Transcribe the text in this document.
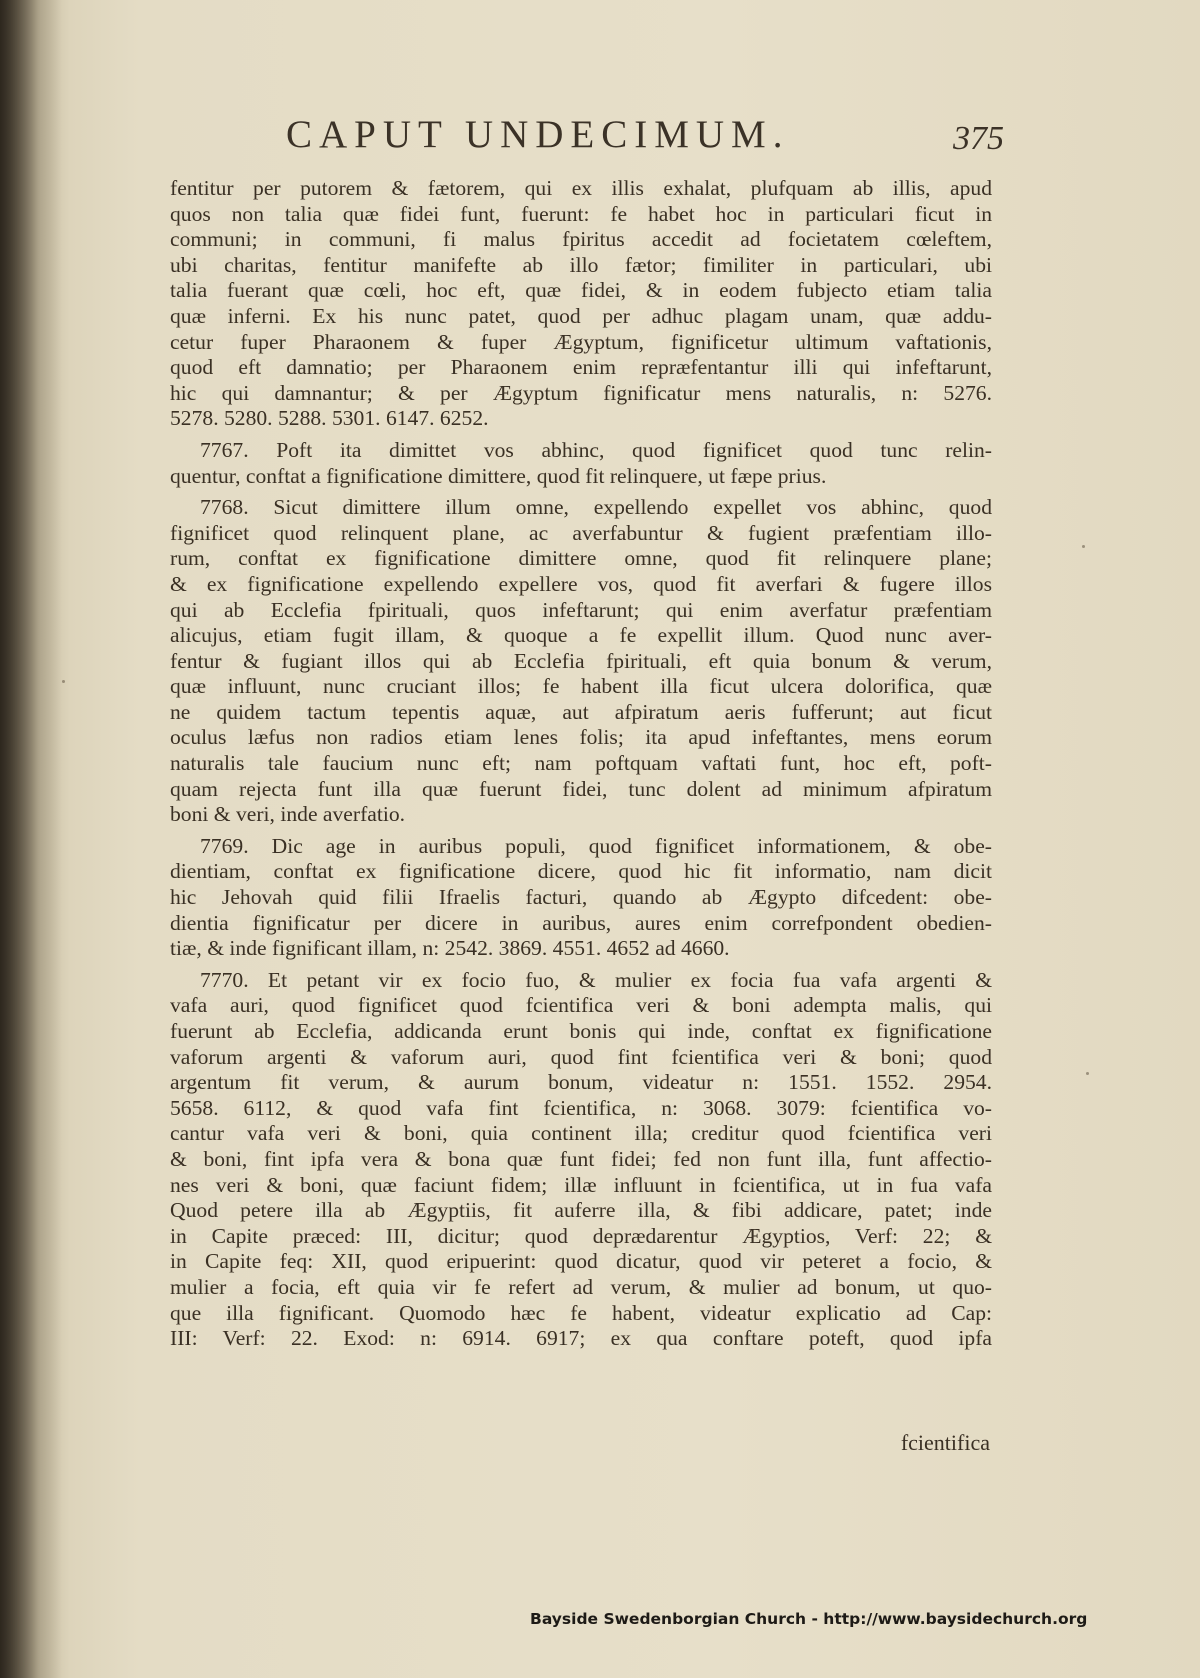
CAPUT UNDECIMUM.	375
fentitur per putorem & fætorem, qui ex illis exhalat, plufquam ab illis, apud
quos non talia quæ fidei funt, fuerunt: fe habet hoc in particulari ficut in
communi; in communi, fi malus fpiritus accedit ad focietatem cœleftem,
ubi charitas, fentitur manifefte ab illo fætor; fimiliter in particulari, ubi
talia fuerant quæ cœli, hoc eft, quæ fidei, & in eodem fubjecto etiam talia
quæ inferni. Ex his nunc patet, quod per adhuc plagam unam, quæ addu-
cetur fuper Pharaonem & fuper Ægyptum, fignificetur ultimum vaftationis,
quod eft damnatio; per Pharaonem enim repræfentantur illi qui infeftarunt,
hic qui damnantur; & per Ægyptum fignificatur mens naturalis, n: 5276.
5278. 5280. 5288. 5301. 6147. 6252.
7767. Poft ita dimittet vos abhinc, quod fignificet quod tunc relin-
quentur, conftat a fignificatione dimittere, quod fit relinquere, ut fæpe prius.
7768. Sicut dimittere illum omne, expellendo expellet vos abhinc, quod
fignificet quod relinquent plane, ac averfabuntur & fugient præfentiam illo-
rum, conftat ex fignificatione dimittere omne, quod fit relinquere plane;
& ex fignificatione expellendo expellere vos, quod fit averfari & fugere illos
qui ab Ecclefia fpirituali, quos infeftarunt; qui enim averfatur præfentiam
alicujus, etiam fugit illam, & quoque a fe expellit illum. Quod nunc aver-
fentur & fugiant illos qui ab Ecclefia fpirituali, eft quia bonum & verum,
quæ influunt, nunc cruciant illos; fe habent illa ficut ulcera dolorifica, quæ
ne quidem tactum tepentis aquæ, aut afpiratum aeris fufferunt; aut ficut
oculus læfus non radios etiam lenes folis; ita apud infeftantes, mens eorum
naturalis tale faucium nunc eft; nam poftquam vaftati funt, hoc eft, poft-
quam rejecta funt illa quæ fuerunt fidei, tunc dolent ad minimum afpiratum
boni & veri, inde averfatio.
7769. Dic age in auribus populi, quod fignificet informationem, & obe-
dientiam, conftat ex fignificatione dicere, quod hic fit informatio, nam dicit
hic Jehovah quid filii Ifraelis facturi, quando ab Ægypto difcedent: obe-
dientia fignificatur per dicere in auribus, aures enim correfpondent obedien-
tiæ, & inde fignificant illam, n: 2542. 3869. 4551. 4652 ad 4660.
7770. Et petant vir ex focio fuo, & mulier ex focia fua vafa argenti &
vafa auri, quod fignificet quod fcientifica veri & boni adempta malis, qui
fuerunt ab Ecclefia, addicanda erunt bonis qui inde, conftat ex fignificatione
vaforum argenti & vaforum auri, quod fint fcientifica veri & boni; quod
argentum fit verum, & aurum bonum, videatur n: 1551. 1552. 2954.
5658. 6112, & quod vafa fint fcientifica, n: 3068. 3079: fcientifica vo-
cantur vafa veri & boni, quia continent illa; creditur quod fcientifica veri
& boni, fint ipfa vera & bona quæ funt fidei; fed non funt illa, funt affectio-
nes veri & boni, quæ faciunt fidem; illæ influunt in fcientifica, ut in fua vafa
Quod petere illa ab Ægyptiis, fit auferre illa, & fibi addicare, patet; inde
in Capite præced: III, dicitur; quod deprædarentur Ægyptios, Verf: 22; &
in Capite feq: XII, quod eripuerint: quod dicatur, quod vir peteret a focio, &
mulier a focia, eft quia vir fe refert ad verum, & mulier ad bonum, ut quo-
que illa fignificant. Quomodo hæc fe habent, videatur explicatio ad Cap:
III: Verf: 22. Exod: n: 6914. 6917; ex qua conftare poteft, quod ipfa
fcientifica
Bayside Swedenborgian Church - http://www.baysidechurch.org
